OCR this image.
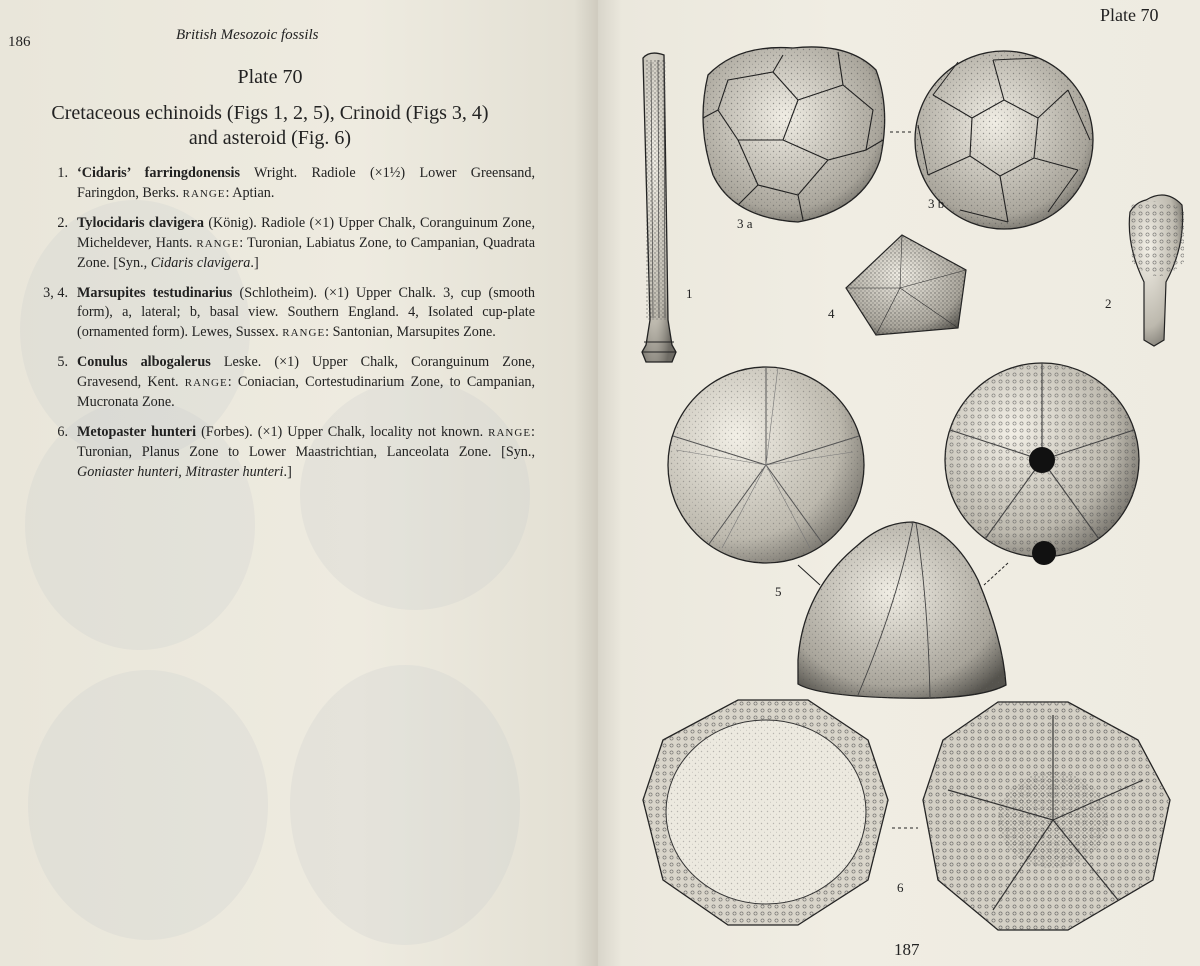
186	British Mesozoic fossils
Plate 70
Cretaceous echinoids (Figs 1, 2, 5), Crinoid (Figs 3, 4)
and asteroid (Fig. 6)
1. ‘Cidaris’ farringdonensis Wright. Radiole (×1½) Lower Greensand, Faringdon, Berks. RANGE: Aptian.
2. Tylocidaris clavigera (König). Radiole (×1) Upper Chalk, Coranguinum Zone, Micheldever, Hants. RANGE: Turonian, Labiatus Zone, to Campanian, Quadrata Zone. [Syn., Cidaris clavigera.]
3, 4. Marsupites testudinarius (Schlotheim). (×1) Upper Chalk. 3, cup (smooth form), a, lateral; b, basal view. Southern England. 4, Isolated cup-plate (ornamented form). Lewes, Sussex. RANGE: Santonian, Marsupites Zone.
5. Conulus albogalerus Leske. (×1) Upper Chalk, Coranguinum Zone, Gravesend, Kent. RANGE: Coniacian, Cortestudinarium Zone, to Campanian, Mucronata Zone.
6. Metopaster hunteri (Forbes). (×1) Upper Chalk, locality not known. RANGE: Turonian, Planus Zone to Lower Maastrichtian, Lanceolata Zone. [Syn., Goniaster hunteri, Mitraster hunteri.]
Plate 70
3 a
3 b
1
4
2
5
6
187
